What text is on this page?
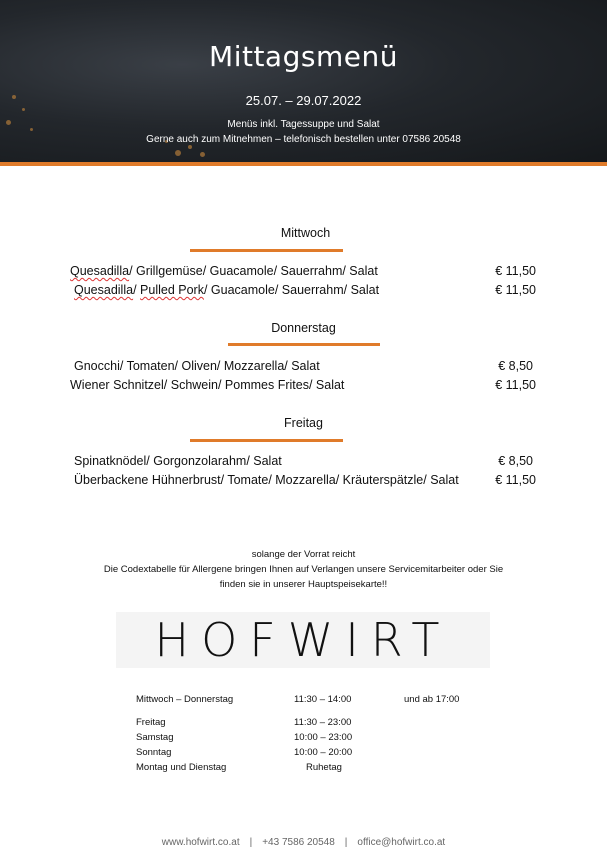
Mittagsmenü
25.07. – 29.07.2022
Menüs inkl. Tagessuppe und Salat
Gerne auch zum Mitnehmen – telefonisch bestellen unter 07586 20548
Mittwoch
Quesadilla/ Grillgemüse/ Guacamole/ Sauerrahm/ Salat	€ 11,50
Quesadilla/ Pulled Pork/ Guacamole/ Sauerrahm/ Salat	€ 11,50
Donnerstag
Gnocchi/ Tomaten/ Oliven/ Mozzarella/ Salat	€ 8,50
Wiener Schnitzel/ Schwein/ Pommes Frites/ Salat	€ 11,50
Freitag
Spinatknödel/ Gorgonzolarahm/ Salat	€ 8,50
Überbackene Hühnerbrust/ Tomate/ Mozzarella/ Kräuterspätzle/ Salat	€ 11,50
solange der Vorrat reicht
Die Codextabelle für Allergene bringen Ihnen auf Verlangen unsere Servicemitarbeiter oder Sie
finden sie in unserer Hauptspeisekarte!!
HOFWIRT
Mittwoch – Donnerstag	11:30 – 14:00	und ab 17:00
Freitag	11:30 – 23:00
Samstag	10:00 – 23:00
Sonntag	10:00 – 20:00
Montag und Dienstag	Ruhetag
www.hofwirt.co.at | +43 7586 20548 | office@hofwirt.co.at
